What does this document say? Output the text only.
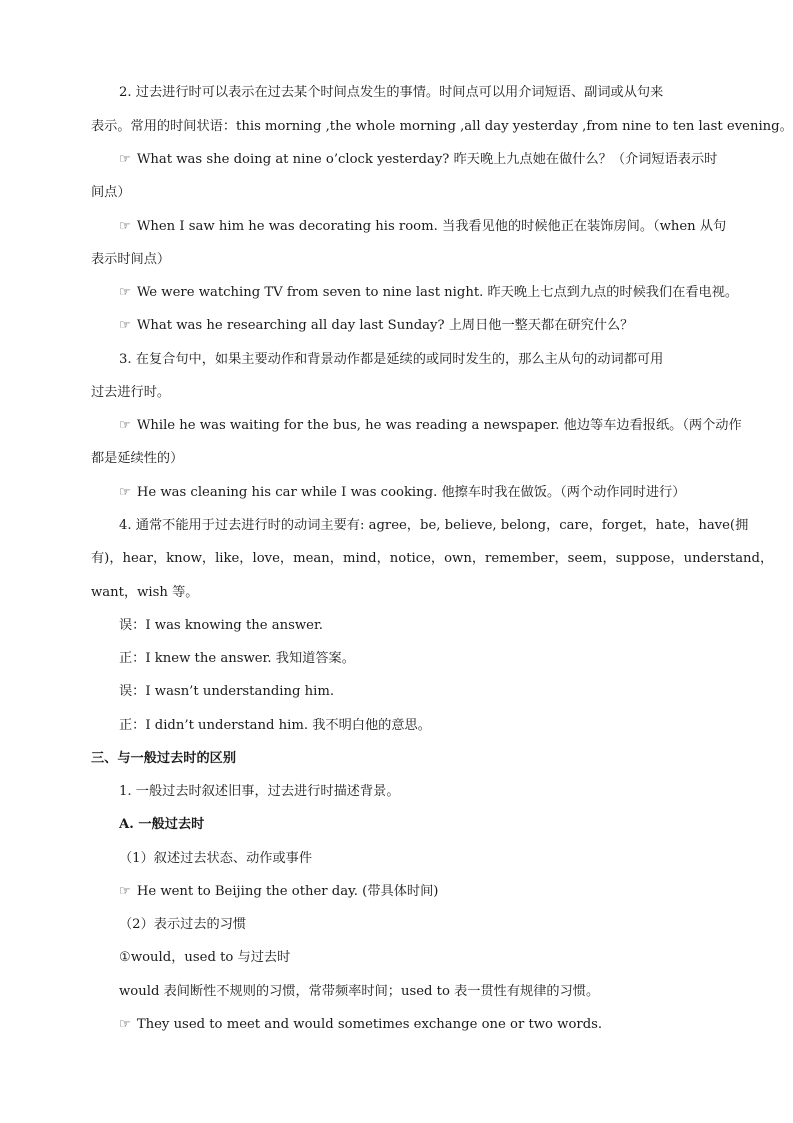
2. 过去进行时可以表示在过去某个时间点发生的事情。时间点可以用介词短语、副词或从句来
表示。常用的时间状语：this morning ,the whole morning ,all day yesterday ,from nine to ten last evening。
☞ What was she doing at nine o’clock yesterday? 昨天晚上九点她在做什么？（介词短语表示时
间点）
☞ When I saw him he was decorating his room. 当我看见他的时候他正在装饰房间。（when 从句
表示时间点）
☞ We were watching TV from seven to nine last night. 昨天晚上七点到九点的时候我们在看电视。
☞ What was he researching all day last Sunday? 上周日他一整天都在研究什么？
3. 在复合句中，如果主要动作和背景动作都是延续的或同时发生的，那么主从句的动词都可用
过去进行时。
☞ While he was waiting for the bus, he was reading a newspaper. 他边等车边看报纸。（两个动作
都是延续性的）
☞ He was cleaning his car while I was cooking. 他擦车时我在做饭。（两个动作同时进行）
4. 通常不能用于过去进行时的动词主要有: agree，be, believe, belong，care，forget，hate，have(拥
有)，hear，know，like，love，mean，mind，notice，own，remember，seem，suppose，understand，
want，wish 等。
误：I was knowing the answer.
正：I knew the answer. 我知道答案。
误：I wasn’t understanding him.
正：I didn’t understand him. 我不明白他的意思。
三、与一般过去时的区别
1. 一般过去时叙述旧事，过去进行时描述背景。
A. 一般过去时
（1）叙述过去状态、动作或事件
☞ He went to Beijing the other day. (带具体时间)
（2）表示过去的习惯
①would，used to 与过去时
would 表间断性不规则的习惯，常带频率时间；used to 表一贯性有规律的习惯。
☞ They used to meet and would sometimes exchange one or two words.
